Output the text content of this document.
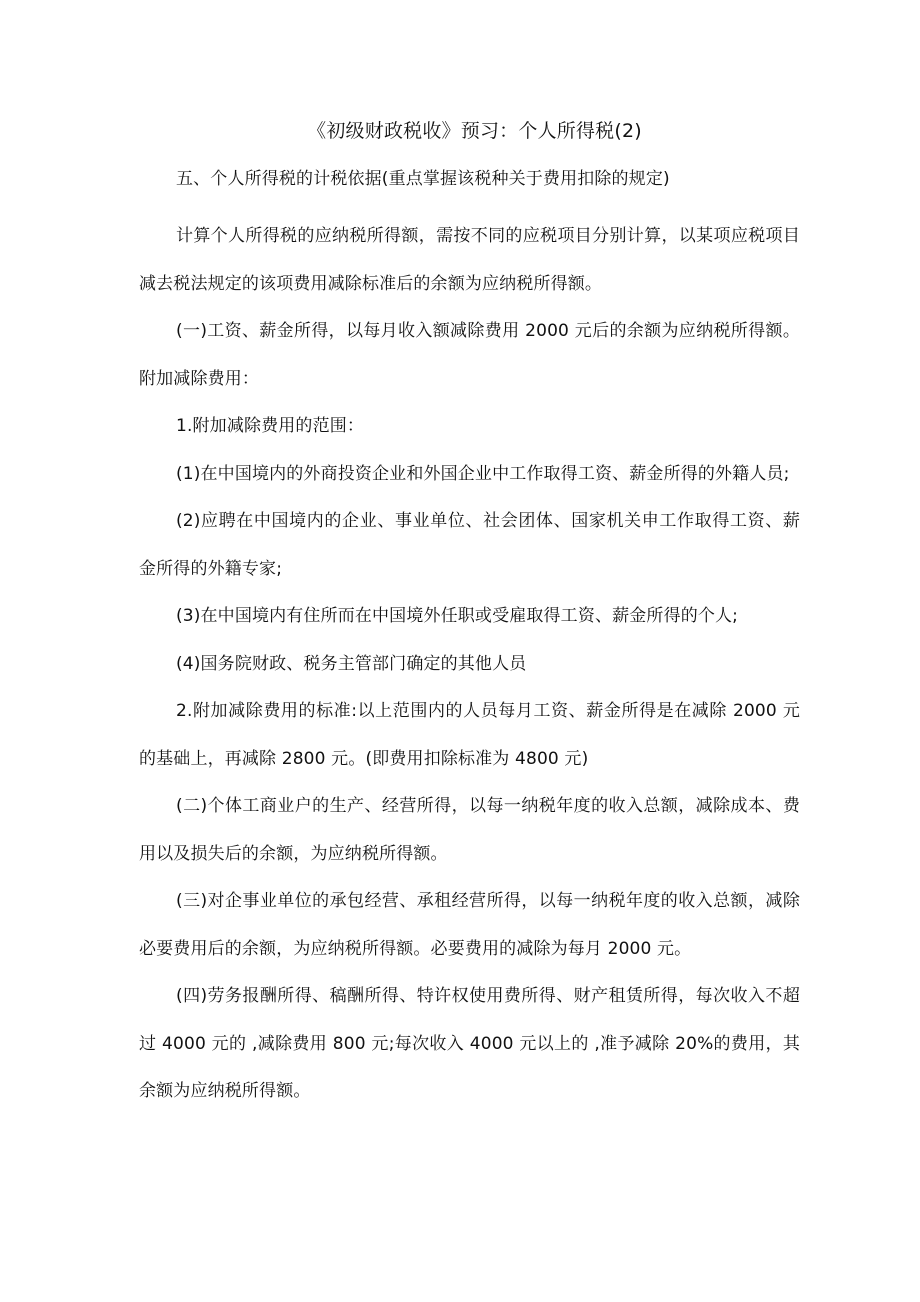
《初级财政税收》预习：个人所得税(2)

五、个人所得税的计税依据(重点掌握该税种关于费用扣除的规定)

计算个人所得税的应纳税所得额，需按不同的应税项目分别计算，以某项应税项目减去税法规定的该项费用减除标准后的余额为应纳税所得额。

(一)工资、薪金所得，以每月收入额减除费用 2000 元后的余额为应纳税所得额。附加减除费用：

1.附加减除费用的范围：

(1)在中国境内的外商投资企业和外国企业中工作取得工资、薪金所得的外籍人员;

(2)应聘在中国境内的企业、事业单位、社会团体、国家机关申工作取得工资、薪金所得的外籍专家;

(3)在中国境内有住所而在中国境外任职或受雇取得工资、薪金所得的个人;

(4)国务院财政、税务主管部门确定的其他人员

2.附加减除费用的标准:以上范围内的人员每月工资、薪金所得是在减除 2000 元的基础上，再减除 2800 元。(即费用扣除标准为 4800 元)

(二)个体工商业户的生产、经营所得，以每一纳税年度的收入总额，减除成本、费用以及损失后的余额，为应纳税所得额。

(三)对企事业单位的承包经营、承租经营所得，以每一纳税年度的收入总额，减除必要费用后的余额，为应纳税所得额。必要费用的减除为每月 2000 元。

(四)劳务报酬所得、稿酬所得、特许权使用费所得、财产租赁所得，每次收入不超过 4000 元的 ,减除费用 800 元;每次收入 4000 元以上的 ,准予减除 20%的费用，其余额为应纳税所得额。
